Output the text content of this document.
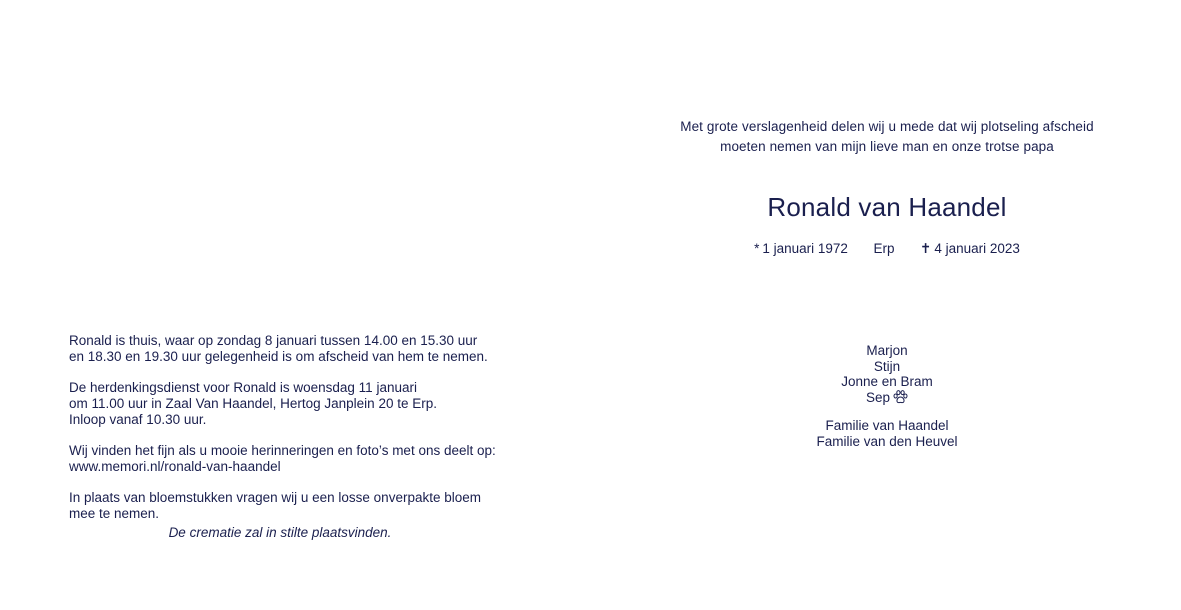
Met grote verslagenheid delen wij u mede dat wij plotseling afscheid
moeten nemen van mijn lieve man en onze trotse papa
Ronald van Haandel
* 1 januari 1972 Erp ✝ 4 januari 2023
Marjon
Stijn
Jonne en Bram
Sep
Familie van Haandel
Familie van den Heuvel

Ronald is thuis, waar op zondag 8 januari tussen 14.00 en 15.30 uur
en 18.30 en 19.30 uur gelegenheid is om afscheid van hem te nemen.

De herdenkingsdienst voor Ronald is woensdag 11 januari
om 11.00 uur in Zaal Van Haandel, Hertog Janplein 20 te Erp.
Inloop vanaf 10.30 uur.

Wij vinden het fijn als u mooie herinneringen en foto’s met ons deelt op:
www.memori.nl/ronald-van-haandel

In plaats van bloemstukken vragen wij u een losse onverpakte bloem
mee te nemen.

De crematie zal in stilte plaatsvinden.
